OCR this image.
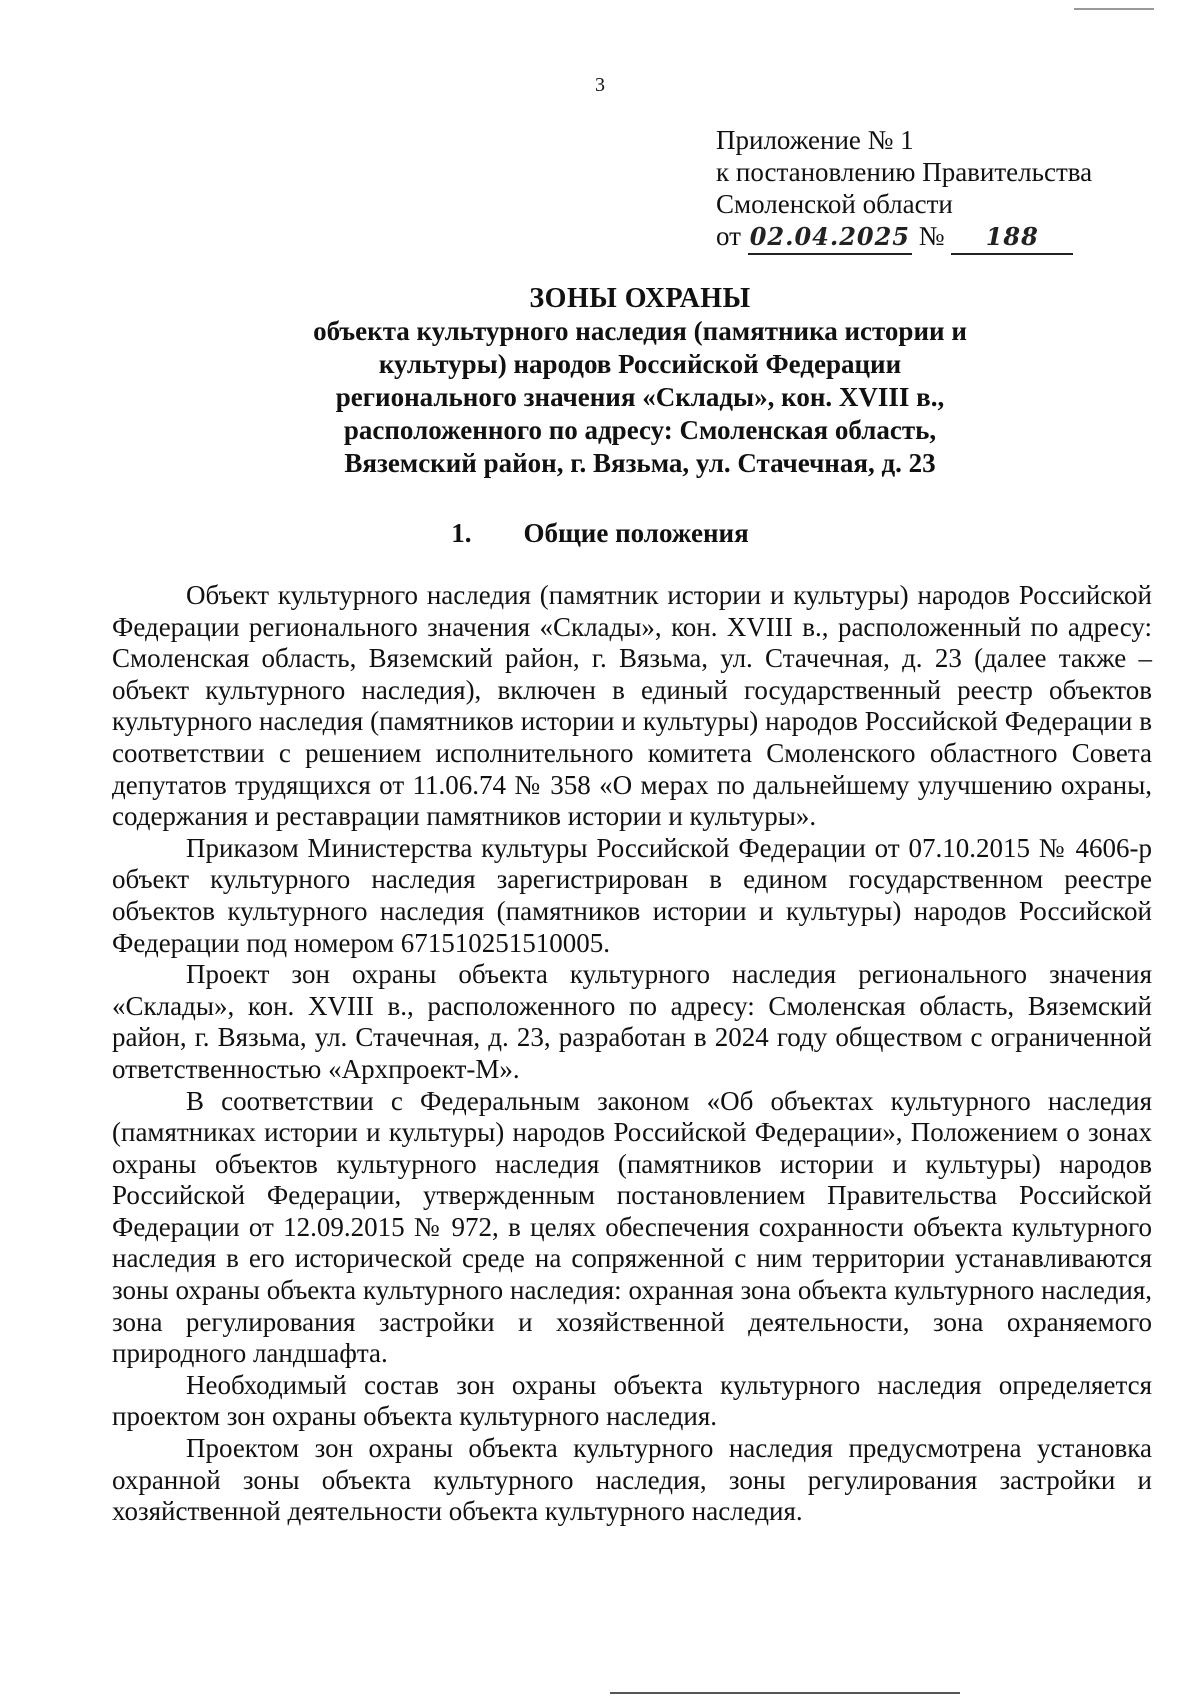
3
Приложение № 1
к постановлению Правительства
Смоленской области
от 02.04.2025 № 188
ЗОНЫ ОХРАНЫ
объекта культурного наследия (памятника истории и
культуры) народов Российской Федерации
регионального значения «Склады», кон. XVIII в.,
расположенного по адресу: Смоленская область,
Вяземский район, г. Вязьма, ул. Стачечная, д. 23
1. Общие положения

Объект культурного наследия (памятник истории и культуры) народов Российской Федерации регионального значения «Склады», кон. XVIII в., расположенный по адресу: Смоленская область, Вяземский район, г. Вязьма, ул. Стачечная, д. 23 (далее также – объект культурного наследия), включен в единый государственный реестр объектов культурного наследия (памятников истории и культуры) народов Российской Федерации в соответствии с решением исполнительного комитета Смоленского областного Совета депутатов трудящихся от 11.06.74 № 358 «О мерах по дальнейшему улучшению охраны, содержания и реставрации памятников истории и культуры».

Приказом Министерства культуры Российской Федерации от 07.10.2015 № 4606-р объект культурного наследия зарегистрирован в едином государственном реестре объектов культурного наследия (памятников истории и культуры) народов Российской Федерации под номером 671510251510005.

Проект зон охраны объекта культурного наследия регионального значения «Склады», кон. XVIII в., расположенного по адресу: Смоленская область, Вяземский район, г. Вязьма, ул. Стачечная, д. 23, разработан в 2024 году обществом с ограниченной ответственностью «Архпроект-М».

В соответствии с Федеральным законом «Об объектах культурного наследия (памятниках истории и культуры) народов Российской Федерации», Положением о зонах охраны объектов культурного наследия (памятников истории и культуры) народов Российской Федерации, утвержденным постановлением Правительства Российской Федерации от 12.09.2015 № 972, в целях обеспечения сохранности объекта культурного наследия в его исторической среде на сопряженной с ним территории устанавливаются зоны охраны объекта культурного наследия: охранная зона объекта культурного наследия, зона регулирования застройки и хозяйственной деятельности, зона охраняемого природного ландшафта.

Необходимый состав зон охраны объекта культурного наследия определяется проектом зон охраны объекта культурного наследия.

Проектом зон охраны объекта культурного наследия предусмотрена установка охранной зоны объекта культурного наследия, зоны регулирования застройки и хозяйственной деятельности объекта культурного наследия.
